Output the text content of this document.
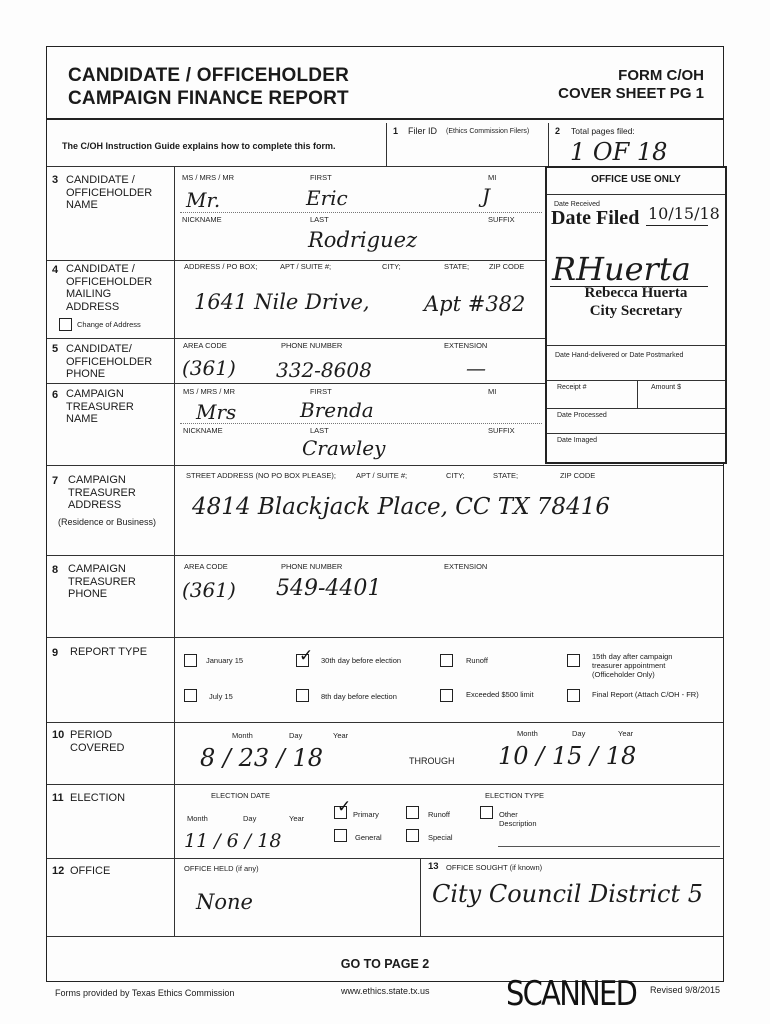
CANDIDATE / OFFICEHOLDER
CAMPAIGN FINANCE REPORT
FORM C/OH
COVER SHEET PG 1
The C/OH Instruction Guide explains how to complete this form.
1 Filer ID (Ethics Commission Filers)	2 Total pages filed:
1 OF 18
OFFICE USE ONLY
Date Received
Date Filed 10/15/18
RHuerta
Rebecca Huerta
City Secretary
Date Hand-delivered or Date Postmarked
Receipt #	Amount $
Date Processed
Date Imaged
3 CANDIDATE /
OFFICEHOLDER
NAME
MS / MRS / MR	FIRST	MI
Mr.	Eric	J
NICKNAME	LAST	SUFFIX
Rodriguez
4 CANDIDATE /
OFFICEHOLDER
MAILING
ADDRESS
Change of Address
ADDRESS / PO BOX;	APT / SUITE #;	CITY;	STATE;	ZIP CODE
1641 Nile Drive,	Apt #382
5 CANDIDATE/
OFFICEHOLDER
PHONE
AREA CODE	PHONE NUMBER	EXTENSION
(361) 332-8608	—
6 CAMPAIGN
TREASURER
NAME
MS / MRS / MR	FIRST	MI
Mrs	Brenda
NICKNAME	LAST	SUFFIX
Crawley
7 CAMPAIGN
TREASURER
ADDRESS
(Residence or Business)
STREET ADDRESS (NO PO BOX PLEASE);	APT / SUITE #;	CITY;	STATE;	ZIP CODE
4814 Blackjack Place, CC TX 78416
8 CAMPAIGN
TREASURER
PHONE
AREA CODE	PHONE NUMBER	EXTENSION
(361) 549-4401
9 REPORT TYPE
January 15	✓ 30th day before election	Runoff	15th day after campaign
treasurer appointment
(Officeholder Only)
July 15	8th day before election	Exceeded $500 limit	Final Report (Attach C/OH - FR)
10 PERIOD
COVERED
Month	Day	Year	Month	Day	Year
8 / 23 / 18	THROUGH 10 / 15 / 18
11 ELECTION	ELECTION DATE	ELECTION TYPE
Month	Day	Year
11 / 6 / 18
✓ Primary	Runoff	Other
Description
General	Special
12 OFFICE	OFFICE HELD (if any)
None
13 OFFICE SOUGHT (if known)
City Council District 5
GO TO PAGE 2
Forms provided by Texas Ethics Commission	www.ethics.state.tx.us SCANNED Revised 9/8/2015
